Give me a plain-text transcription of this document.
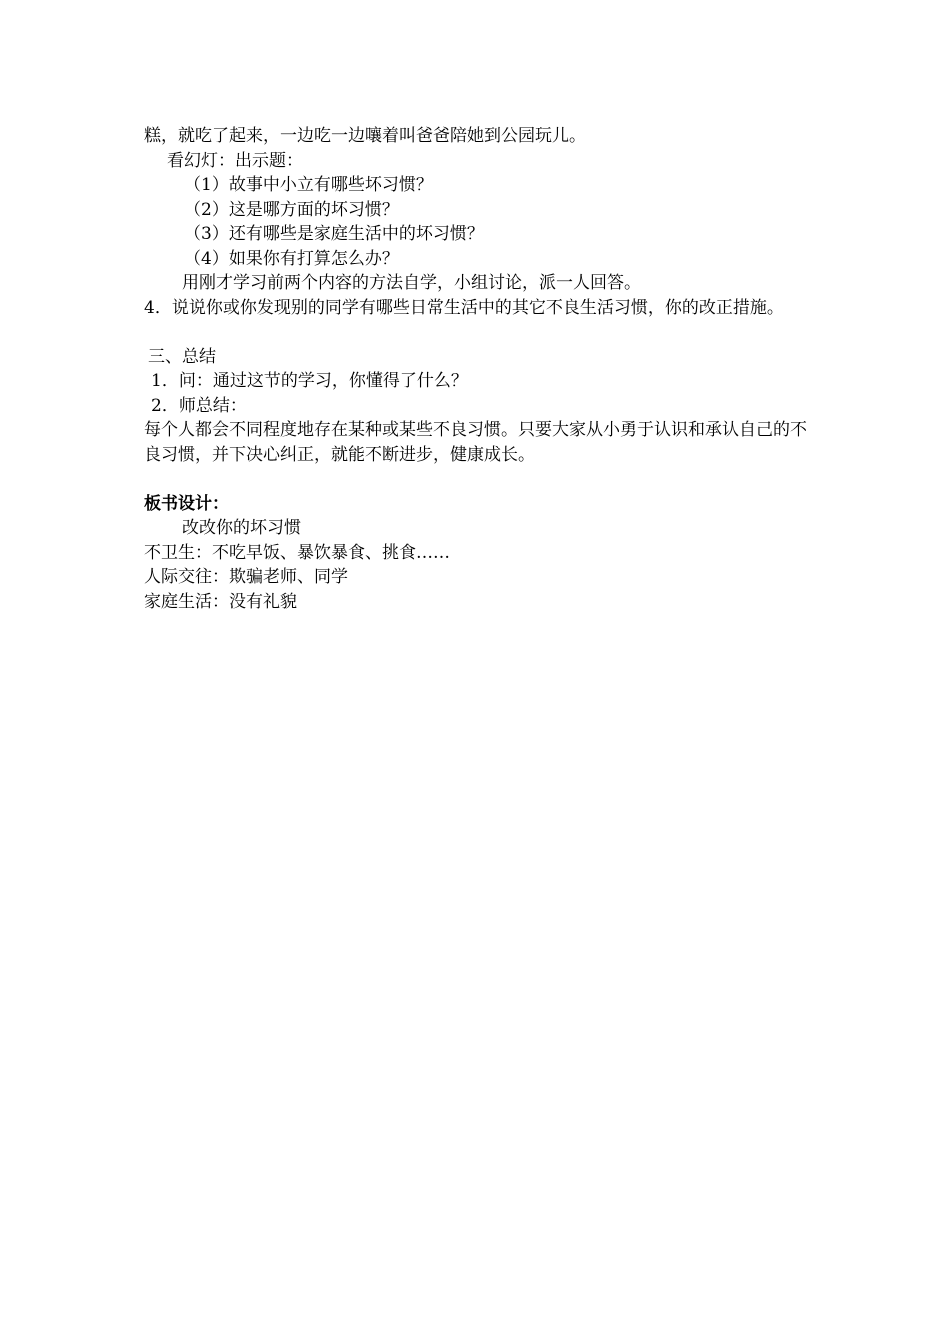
糕，就吃了起来，一边吃一边嚷着叫爸爸陪她到公园玩儿。
看幻灯：出示题：
（1）故事中小立有哪些坏习惯？
（2）这是哪方面的坏习惯？
（3）还有哪些是家庭生活中的坏习惯？
（4）如果你有打算怎么办？
用刚才学习前两个内容的方法自学，小组讨论，派一人回答。
4．说说你或你发现别的同学有哪些日常生活中的其它不良生活习惯，你的改正措施。
三、总结
1．问：通过这节的学习，你懂得了什么？
2．师总结：
每个人都会不同程度地存在某种或某些不良习惯。只要大家从小勇于认识和承认自己的不良习惯，并下决心纠正，就能不断进步，健康成长。
板书设计：
改改你的坏习惯
不卫生：不吃早饭、暴饮暴食、挑食……
人际交往：欺骗老师、同学
家庭生活：没有礼貌
